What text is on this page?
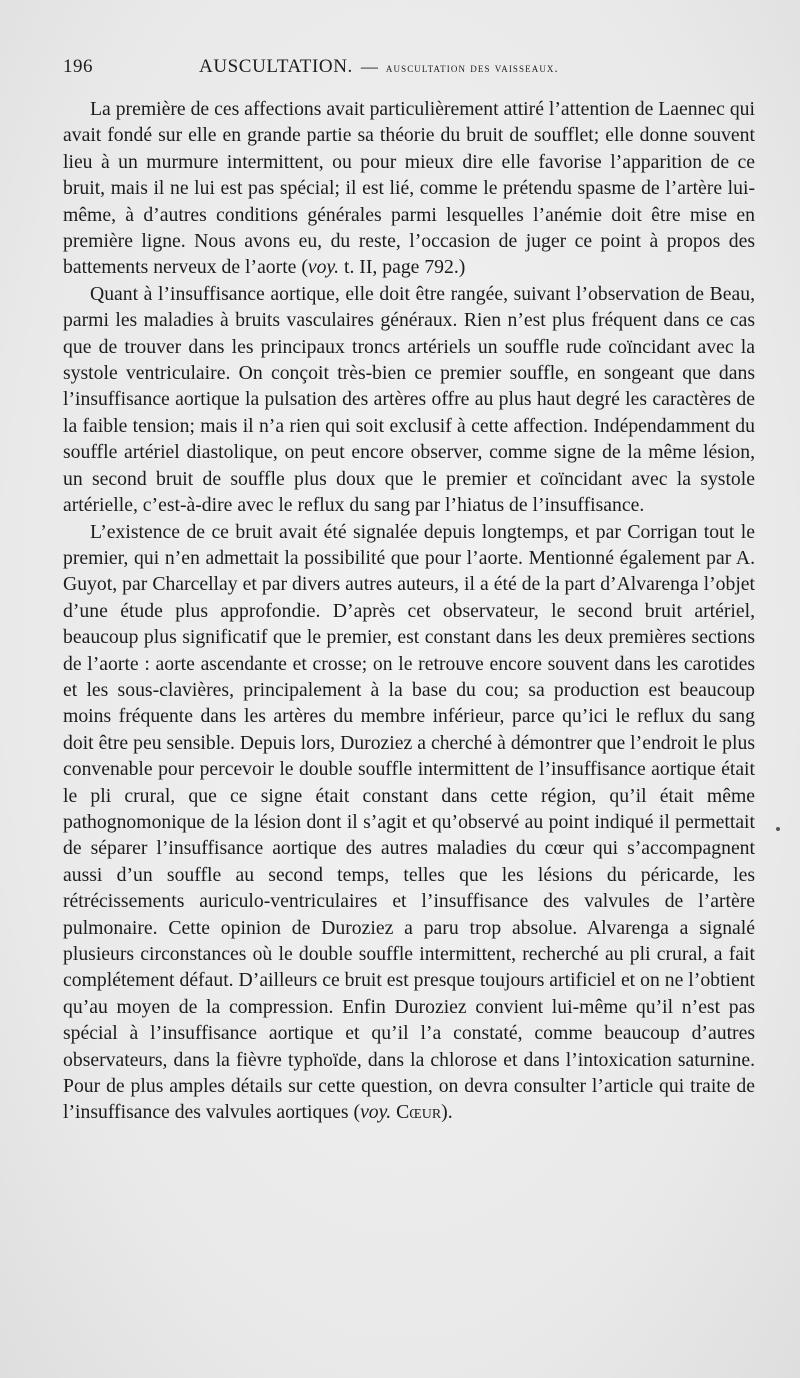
196	AUSCULTATION. — auscultation des vaisseaux.

La première de ces affections avait particulièrement attiré l’attention de Laennec qui avait fondé sur elle en grande partie sa théorie du bruit de soufflet; elle donne souvent lieu à un murmure intermittent, ou pour mieux dire elle favorise l’apparition de ce bruit, mais il ne lui est pas spécial; il est lié, comme le prétendu spasme de l’artère lui-même, à d’autres conditions générales parmi lesquelles l’anémie doit être mise en première ligne. Nous avons eu, du reste, l’occasion de juger ce point à propos des battements nerveux de l’aorte (voy. t. II, page 792.)

Quant à l’insuffisance aortique, elle doit être rangée, suivant l’observation de Beau, parmi les maladies à bruits vasculaires généraux. Rien n’est plus fréquent dans ce cas que de trouver dans les principaux troncs artériels un souffle rude coïncidant avec la systole ventriculaire. On conçoit très-bien ce premier souffle, en songeant que dans l’insuffisance aortique la pulsation des artères offre au plus haut degré les caractères de la faible tension; mais il n’a rien qui soit exclusif à cette affection. Indépendamment du souffle artériel diastolique, on peut encore observer, comme signe de la même lésion, un second bruit de souffle plus doux que le premier et coïncidant avec la systole artérielle, c’est-à-dire avec le reflux du sang par l’hiatus de l’insuffisance.

L’existence de ce bruit avait été signalée depuis longtemps, et par Corrigan tout le premier, qui n’en admettait la possibilité que pour l’aorte. Mentionné également par A. Guyot, par Charcellay et par divers autres auteurs, il a été de la part d’Alvarenga l’objet d’une étude plus approfondie. D’après cet observateur, le second bruit artériel, beaucoup plus significatif que le premier, est constant dans les deux premières sections de l’aorte : aorte ascendante et crosse; on le retrouve encore souvent dans les carotides et les sous-clavières, principalement à la base du cou; sa production est beaucoup moins fréquente dans les artères du membre inférieur, parce qu’ici le reflux du sang doit être peu sensible. Depuis lors, Duroziez a cherché à démontrer que l’endroit le plus convenable pour percevoir le double souffle intermittent de l’insuffisance aortique était le pli crural, que ce signe était constant dans cette région, qu’il était même pathognomonique de la lésion dont il s’agit et qu’observé au point indiqué il permettait de séparer l’insuffisance aortique des autres maladies du cœur qui s’accompagnent aussi d’un souffle au second temps, telles que les lésions du péricarde, les rétrécissements auriculo-ventriculaires et l’insuffisance des valvules de l’artère pulmonaire. Cette opinion de Duroziez a paru trop absolue. Alvarenga a signalé plusieurs circonstances où le double souffle intermittent, recherché au pli crural, a fait complétement défaut. D’ailleurs ce bruit est presque toujours artificiel et on ne l’obtient qu’au moyen de la compression. Enfin Duroziez convient lui-même qu’il n’est pas spécial à l’insuffisance aortique et qu’il l’a constaté, comme beaucoup d’autres observateurs, dans la fièvre typhoïde, dans la chlorose et dans l’intoxication saturnine. Pour de plus amples détails sur cette question, on devra consulter l’article qui traite de l’insuffisance des valvules aortiques (voy. Cœur).
